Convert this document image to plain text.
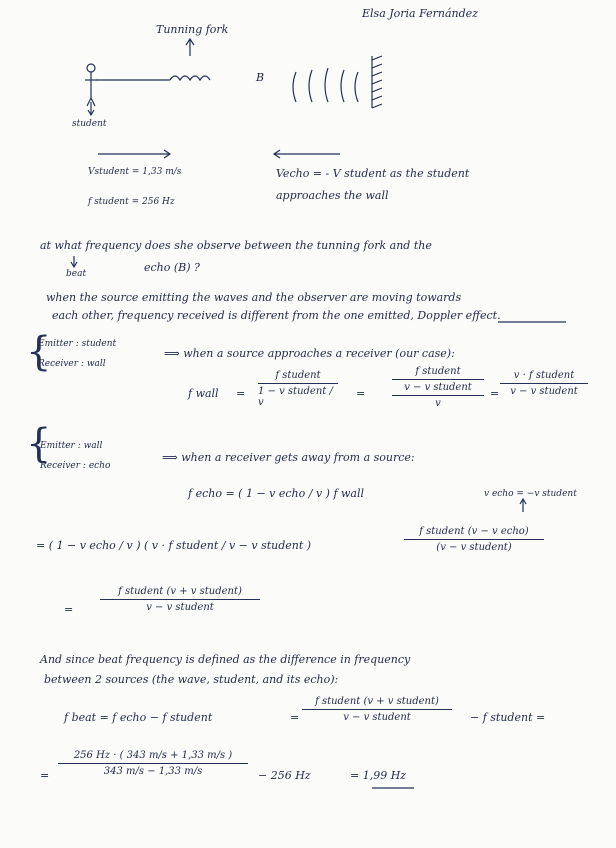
Elsa Joria Fernández
Tunning fork
student
B
Vstudent = 1,33 m/s
f student = 256 Hz
Vecho = - V student as the student
approaches the wall
at what frequency does she observe between the tunning fork and the
beat	echo (B) ?
when the source emitting the waves and the observer are moving towards
each other, frequency received is different from the one emitted, Doppler effect.
{
Emitter : student
Receiver : wall
⟹ when a source approaches a receiver (our case):
f wall =
f student
1 − v student / v
=
f student
v − v student
v
=
v · f student
v − v student
{
Emitter : wall
Receiver : echo
⟹ when a receiver gets away from a source:
f echo = ( 1 − v echo / v ) f wall	v echo = −v student
= ( 1 − v echo / v ) ( v · f student / v − v student )
f student (v − v echo)
(v − v student)
=
f student (v + v student)
v − v student
And since beat frequency is defined as the difference in frequency
between 2 sources (the wave, student, and its echo):
f beat = f echo − f student	=
f student (v + v student)
v − v student	− f student =
=
256 Hz · ( 343 m/s + 1,33 m/s )
343 m/s − 1,33 m/s	− 256 Hz	= 1,99 Hz
